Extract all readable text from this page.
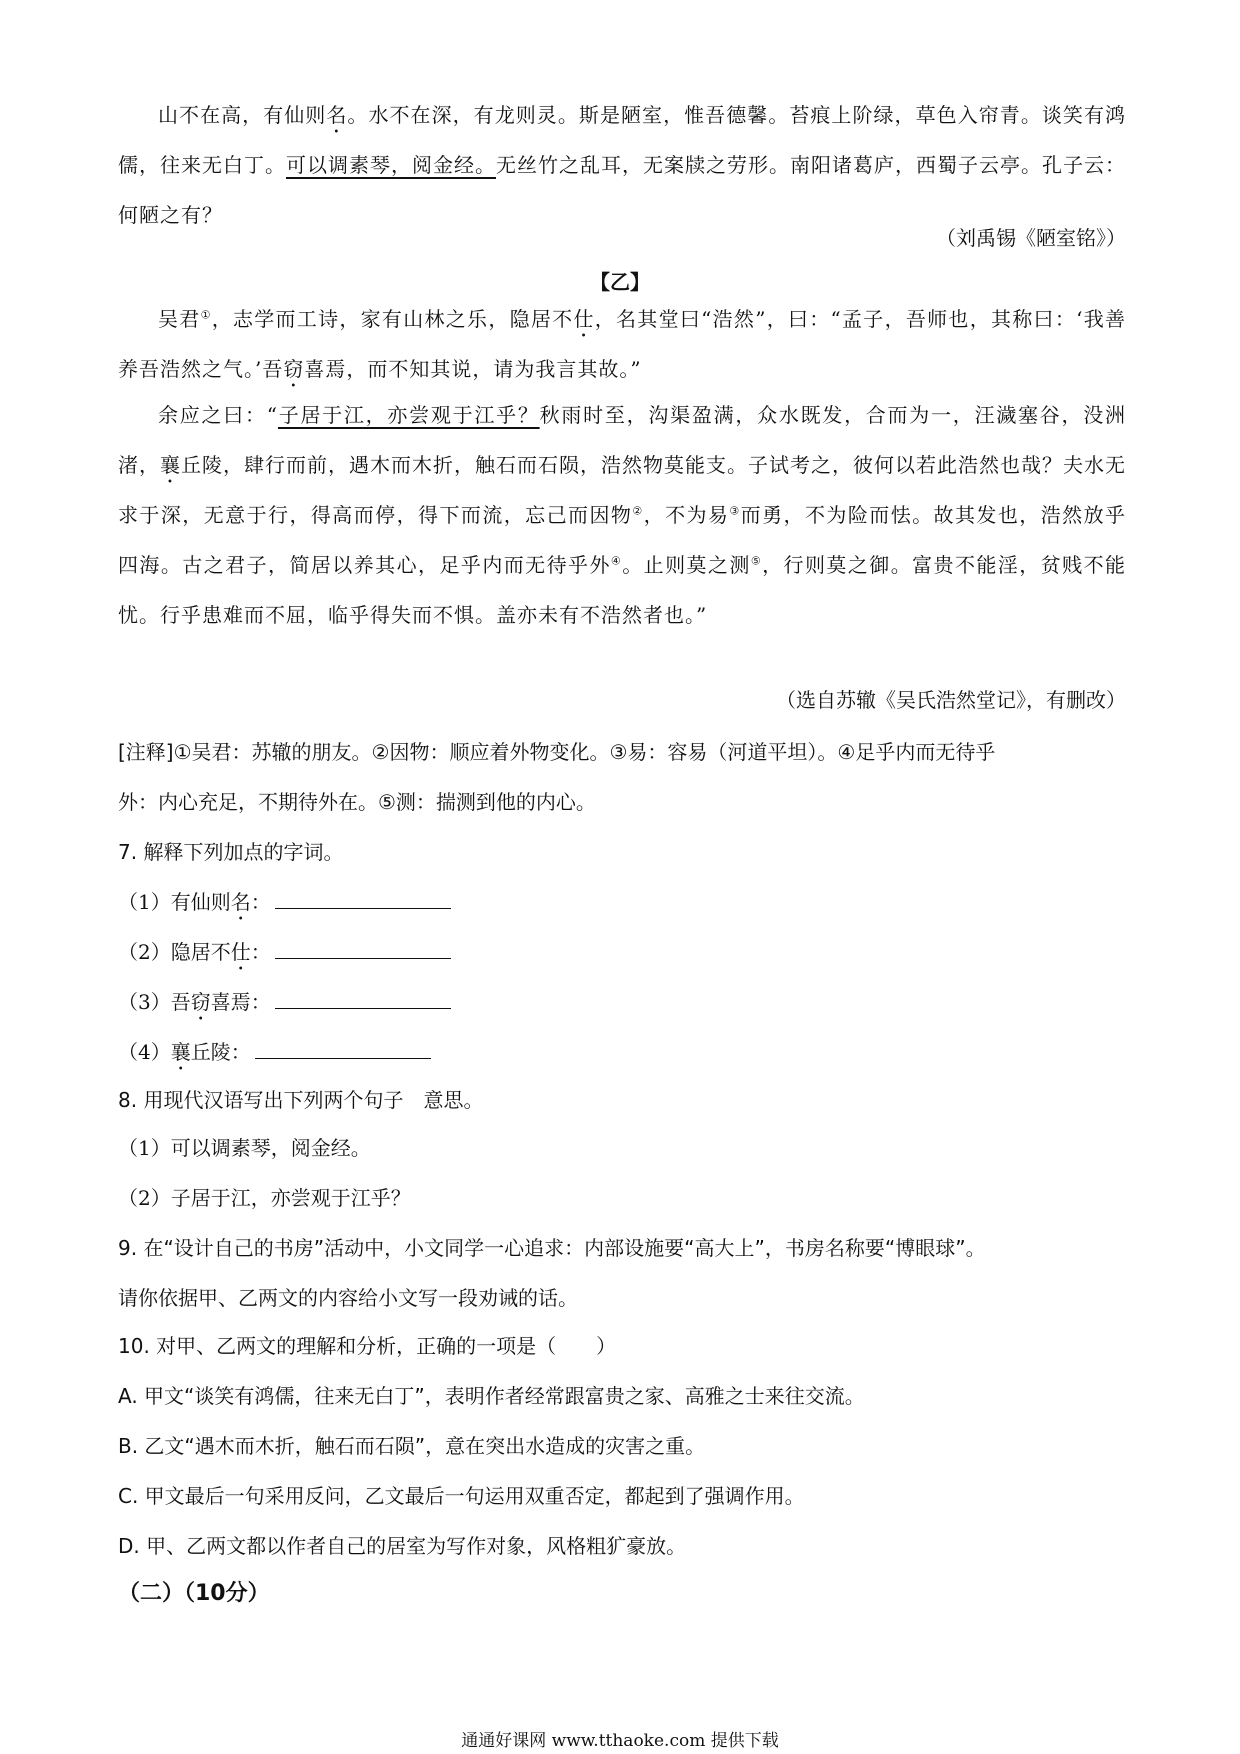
山不在高，有仙则名。水不在深，有龙则灵。斯是陋室，惟吾德馨。苔痕上阶绿，草色入帘青。谈笑有鸿儒，往来无白丁。可以调素琴，阅金经。无丝竹之乱耳，无案牍之劳形。南阳诸葛庐，西蜀子云亭。孔子云：何陋之有？

（刘禹锡《陋室铭》）
【乙】

吴君①，志学而工诗，家有山林之乐，隐居不仕，名其堂曰“浩然”，曰：“孟子，吾师也，其称曰：‘我善养吾浩然之气。’吾窃喜焉，而不知其说，请为我言其故。”

余应之曰：“子居于江，亦尝观于江乎？秋雨时至，沟渠盈满，众水既发，合而为一，汪濊塞谷，没洲渚，襄丘陵，肆行而前，遇木而木折，触石而石陨，浩然物莫能支。子试考之，彼何以若此浩然也哉？夫水无求于深，无意于行，得高而停，得下而流，忘己而因物②，不为易③而勇，不为险而怯。故其发也，浩然放乎四海。古之君子，简居以养其心，足乎内而无待乎外④。止则莫之测⑤，行则莫之御。富贵不能淫，贫贱不能忧。行乎患难而不屈，临乎得失而不惧。盖亦未有不浩然者也。”

（选自苏辙《吴氏浩然堂记》，有删改）
[注释]①吴君：苏辙的朋友。②因物：顺应着外物变化。③易：容易（河道平坦）。④足乎内而无待乎
外：内心充足，不期待外在。⑤测：揣测到他的内心。
7. 解释下列加点的字词。
（1）有仙则名：
（2）隐居不仕：
（3）吾窃喜焉：
（4）襄丘陵：
8. 用现代汉语写出下列两个句子　意思。
（1）可以调素琴，阅金经。
（2）子居于江，亦尝观于江乎？
9. 在“设计自己的书房”活动中，小文同学一心追求：内部设施要“高大上”，书房名称要“博眼球”。
请你依据甲、乙两文的内容给小文写一段劝诫的话。
10. 对甲、乙两文的理解和分析，正确的一项是（　　）
A. 甲文“谈笑有鸿儒，往来无白丁”，表明作者经常跟富贵之家、高雅之士来往交流。
B. 乙文“遇木而木折，触石而石陨”，意在突出水造成的灾害之重。
C. 甲文最后一句采用反问，乙文最后一句运用双重否定，都起到了强调作用。
D. 甲、乙两文都以作者自己的居室为写作对象，风格粗犷豪放。
（二）（10分）
通通好课网 www.tthaoke.com 提供下载
